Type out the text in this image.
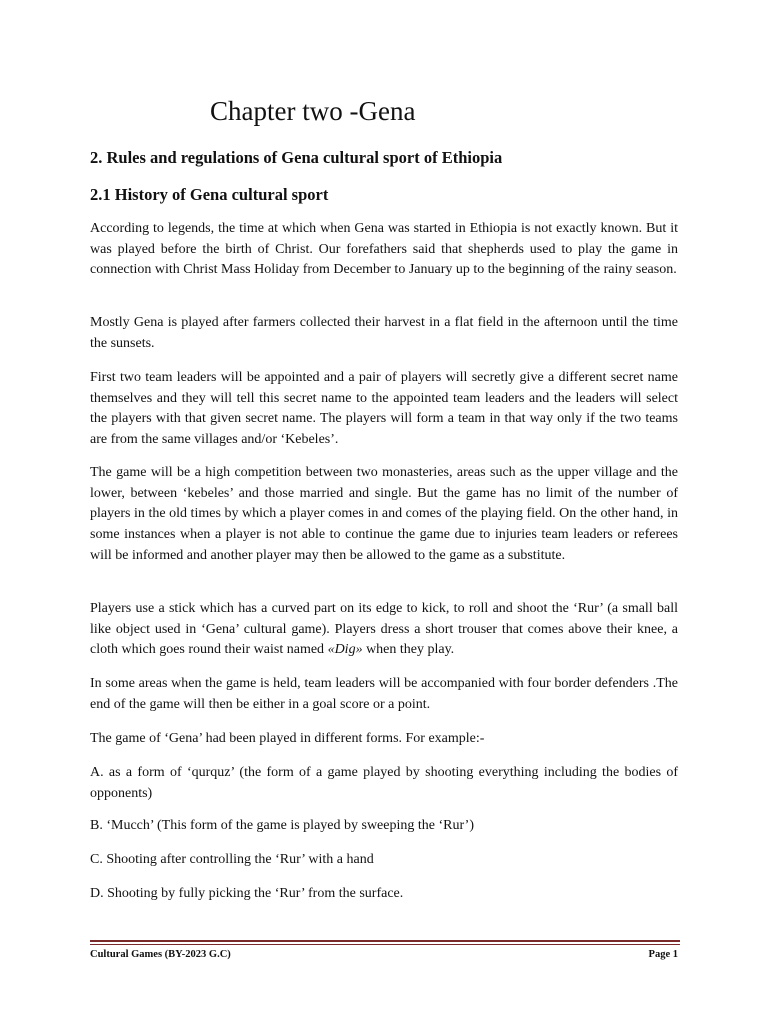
Chapter two -Gena
2. Rules and regulations of Gena cultural sport of Ethiopia
2.1 History of Gena cultural sport
According to legends, the time at which when Gena was started in Ethiopia is not exactly known. But it was played before the birth of Christ. Our forefathers said that shepherds used to play the game in connection with Christ Mass Holiday from December to January up to the beginning of the rainy season.
Mostly Gena is played after farmers collected their harvest in a flat field in the afternoon until the time the sunsets.
First two team leaders will be appointed and a pair of players will secretly give a different secret name themselves and they will tell this secret name to the appointed team leaders and the leaders will select the players with that given secret name. The players will form a team in that way only if the two teams are from the same villages and/or ‘Kebeles’.
The game will be a high competition between two monasteries, areas such as the upper village and the lower, between ‘kebeles’ and those married and single. But the game has no limit of the number of players in the old times by which a player comes in and comes of the playing field. On the other hand, in some instances when a player is not able to continue the game due to injuries team leaders or referees will be informed and another player may then be allowed to the game as a substitute.
Players use a stick which has a curved part on its edge to kick, to roll and shoot the ‘Rur’ (a small ball like object used in ‘Gena’ cultural game). Players dress a short trouser that comes above their knee, a cloth which goes round their waist named «Dig» when they play.
In some areas when the game is held, team leaders will be accompanied with four border defenders .The end of the game will then be either in a goal score or a point.
The game of ‘Gena’ had been played in different forms. For example:-
A. as a form of ‘qurquz’ (the form of a game played by shooting everything including the bodies of opponents)
B. ‘Mucch’ (This form of the game is played by sweeping the ‘Rur’)
C. Shooting after controlling the ‘Rur’ with a hand
D. Shooting by fully picking the ‘Rur’ from the surface.
Cultural Games (BY-2023 G.C)	Page 1
